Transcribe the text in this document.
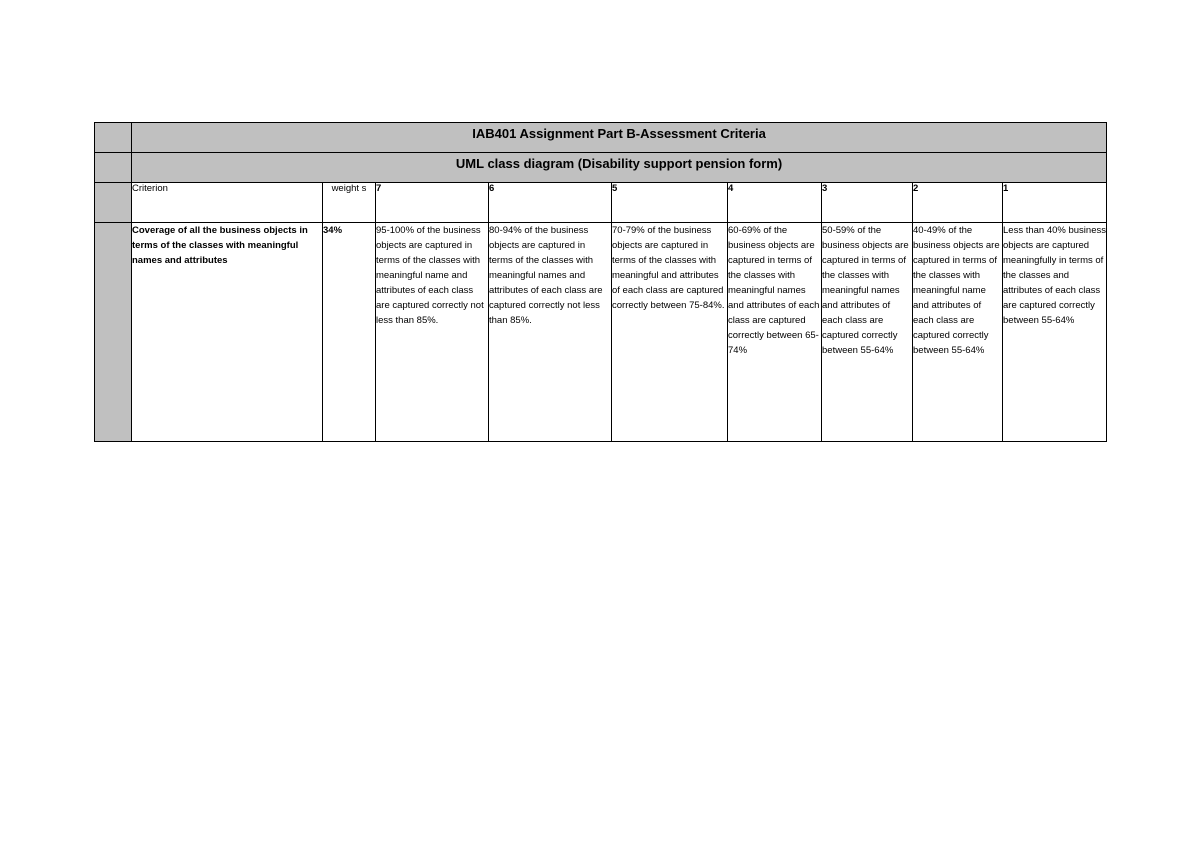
	IAB401 Assignment Part B-Assessment Criteria								

	UML class diagram (Disability support pension form)								

	Criterion	weight s	7	6	5	4	3	2	1
	Coverage of all the business objects in terms of the classes with meaningful names and attributes	34%	95-100% of the business objects are captured in terms of the classes with meaningful name and attributes of each class are captured correctly not less than 85%.	80-94% of the business objects are captured in terms of the classes with meaningful names and attributes of each class are captured correctly not less than 85%.	70-79% of the business objects are captured in terms of the classes with meaningful and attributes of each class are captured correctly between 75-84%.	60-69% of the business objects are captured in terms of the classes with meaningful names and attributes of each class are captured correctly between 65-74%	50-59% of the business objects are captured in terms of the classes with meaningful names and attributes of each class are captured correctly between 55-64%	40-49% of the business objects are captured in terms of the classes with meaningful name and attributes of each class are captured correctly between 55-64%	Less than 40% business objects are captured meaningfully in terms of the classes and attributes of each class are captured correctly between 55-64%
